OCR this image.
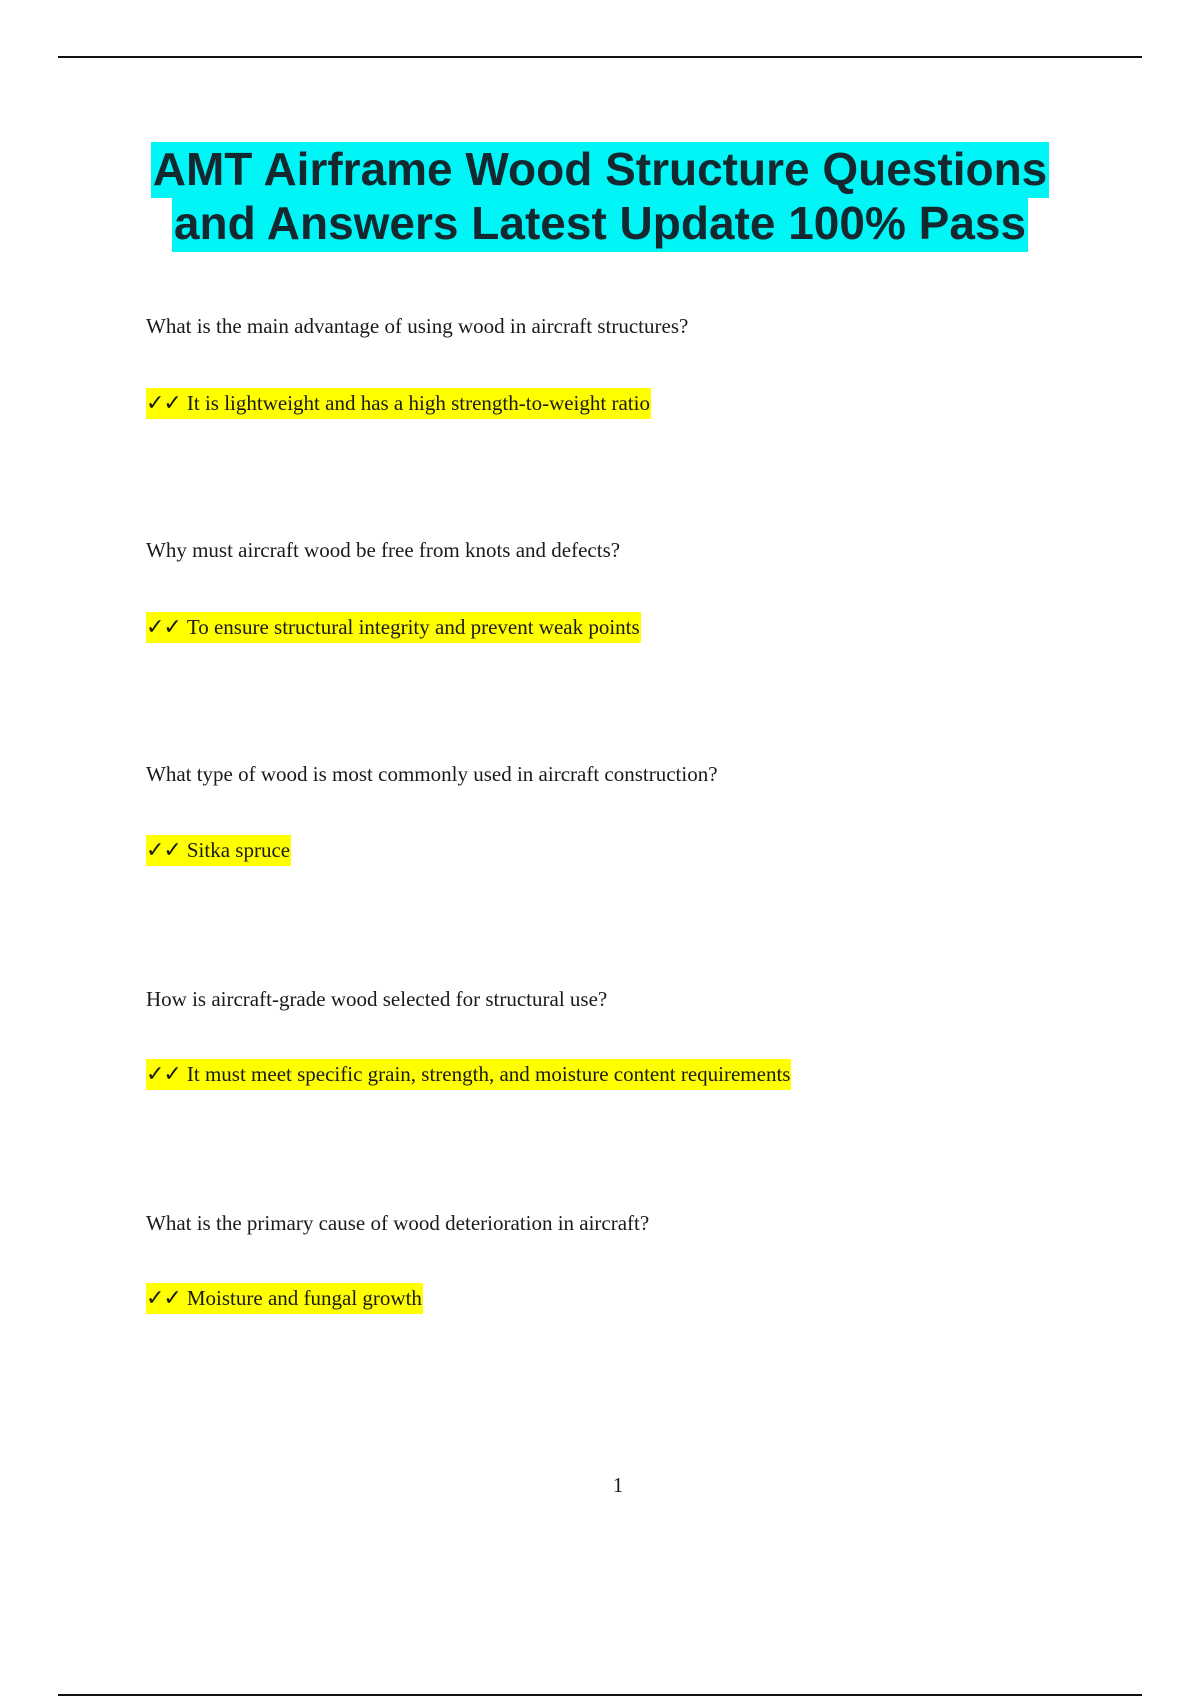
AMT Airframe Wood Structure Questions
and Answers Latest Update 100% Pass
What is the main advantage of using wood in aircraft structures?
✓✓ It is lightweight and has a high strength-to-weight ratio
Why must aircraft wood be free from knots and defects?
✓✓ To ensure structural integrity and prevent weak points
What type of wood is most commonly used in aircraft construction?
✓✓ Sitka spruce
How is aircraft-grade wood selected for structural use?
✓✓ It must meet specific grain, strength, and moisture content requirements
What is the primary cause of wood deterioration in aircraft?
✓✓ Moisture and fungal growth
1
